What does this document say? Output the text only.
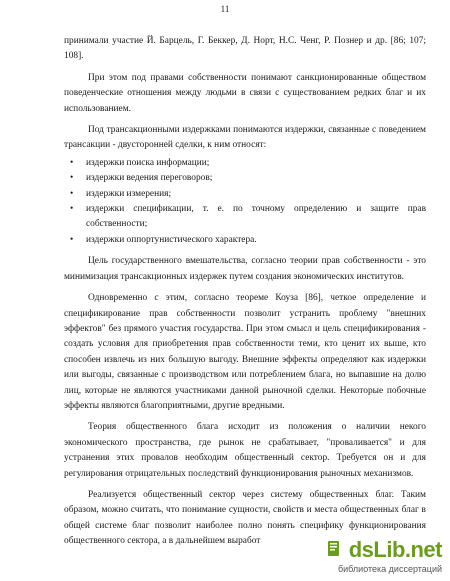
11

принимали участие Й. Барцель, Г. Беккер, Д. Норт, Н.С. Ченг, Р. Познер и др. [86; 107; 108].

При этом под правами собственности понимают санкционированные обществом поведенческие отношения между людьми в связи с существованием редких благ и их использованием.

Под трансакционными издержками понимаются издержки, связанные с поведением трансакции - двусторонней сделки, к ним относят:

• издержки поиска информации;
• издержки ведения переговоров;
• издержки измерения;
• издержки спецификации, т. е. по точному определению и защите прав собственности;
• издержки оппортунистического характера.

Цель государственного вмешательства, согласно теории прав собственности - это минимизация трансакционных издержек путем создания экономических институтов.

Одновременно с этим, согласно теореме Коуза [86], четкое определение и спецификирование прав собственности позволит устранить проблему "внешних эффектов" без прямого участия государства. При этом смысл и цель спецификирования - создать условия для приобретения прав собственности теми, кто ценит их выше, кто способен извлечь из них большую выгоду. Внешние эффекты определяют как издержки или выгоды, связанные с производством или потреблением блага, но выпавшие на долю лиц, которые не являются участниками данной рыночной сделки. Некоторые побочные эффекты являются благоприятными, другие вредными.

Теория общественного блага исходит из положения о наличии некого экономического пространства, где рынок не срабатывает, "проваливается" и для устранения этих провалов необходим общественный сектор. Требуется он и для регулирования отрицательных последствий функционирования рыночных механизмов.

Реализуется общественный сектор через систему общественных благ. Таким образом, можно считать, что понимание сущности, свойств и места общественных благ в общей системе благ позволит наиболее полно понять специфику функционирования общественного сектора, а в дальнейшем выработ	dsLib.net
библиотека диссертаций
